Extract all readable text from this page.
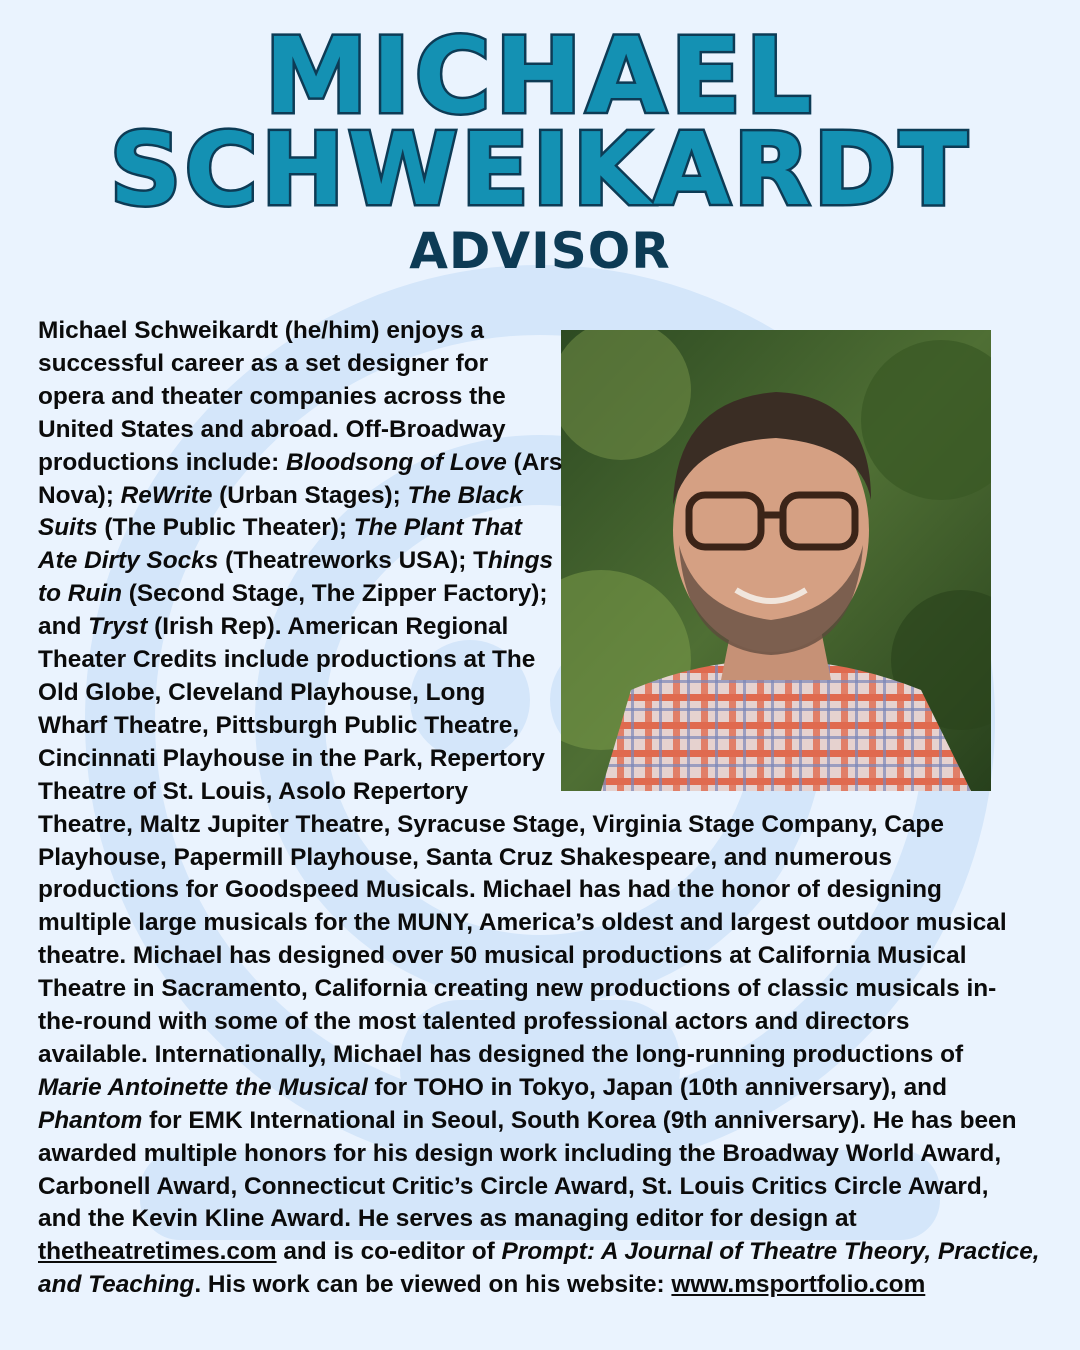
MICHAEL
SCHWEIKARDT
ADVISOR
Michael Schweikardt (he/him) enjoys a
successful career as a set designer for
opera and theater companies across the
United States and abroad. Off-Broadway
productions include: Bloodsong of Love (Ars
Nova); ReWrite (Urban Stages); The Black
Suits (The Public Theater); The Plant That
Ate Dirty Socks (Theatreworks USA); Things
to Ruin (Second Stage, The Zipper Factory);
and Tryst (Irish Rep). American Regional
Theater Credits include productions at The
Old Globe, Cleveland Playhouse, Long
Wharf Theatre, Pittsburgh Public Theatre,
Cincinnati Playhouse in the Park, Repertory
Theatre of St. Louis, Asolo Repertory
Theatre, Maltz Jupiter Theatre, Syracuse Stage, Virginia Stage Company, Cape
Playhouse, Papermill Playhouse, Santa Cruz Shakespeare, and numerous
productions for Goodspeed Musicals. Michael has had the honor of designing
multiple large musicals for the MUNY, America’s oldest and largest outdoor musical
theatre. Michael has designed over 50 musical productions at California Musical
Theatre in Sacramento, California creating new productions of classic musicals in-
the-round with some of the most talented professional actors and directors
available. Internationally, Michael has designed the long-running productions of
Marie Antoinette the Musical for TOHO in Tokyo, Japan (10th anniversary), and
Phantom for EMK International in Seoul, South Korea (9th anniversary). He has been
awarded multiple honors for his design work including the Broadway World Award,
Carbonell Award, Connecticut Critic’s Circle Award, St. Louis Critics Circle Award,
and the Kevin Kline Award. He serves as managing editor for design at
thetheatretimes.com and is co-editor of Prompt: A Journal of Theatre Theory, Practice,
and Teaching. His work can be viewed on his website: www.msportfolio.com
